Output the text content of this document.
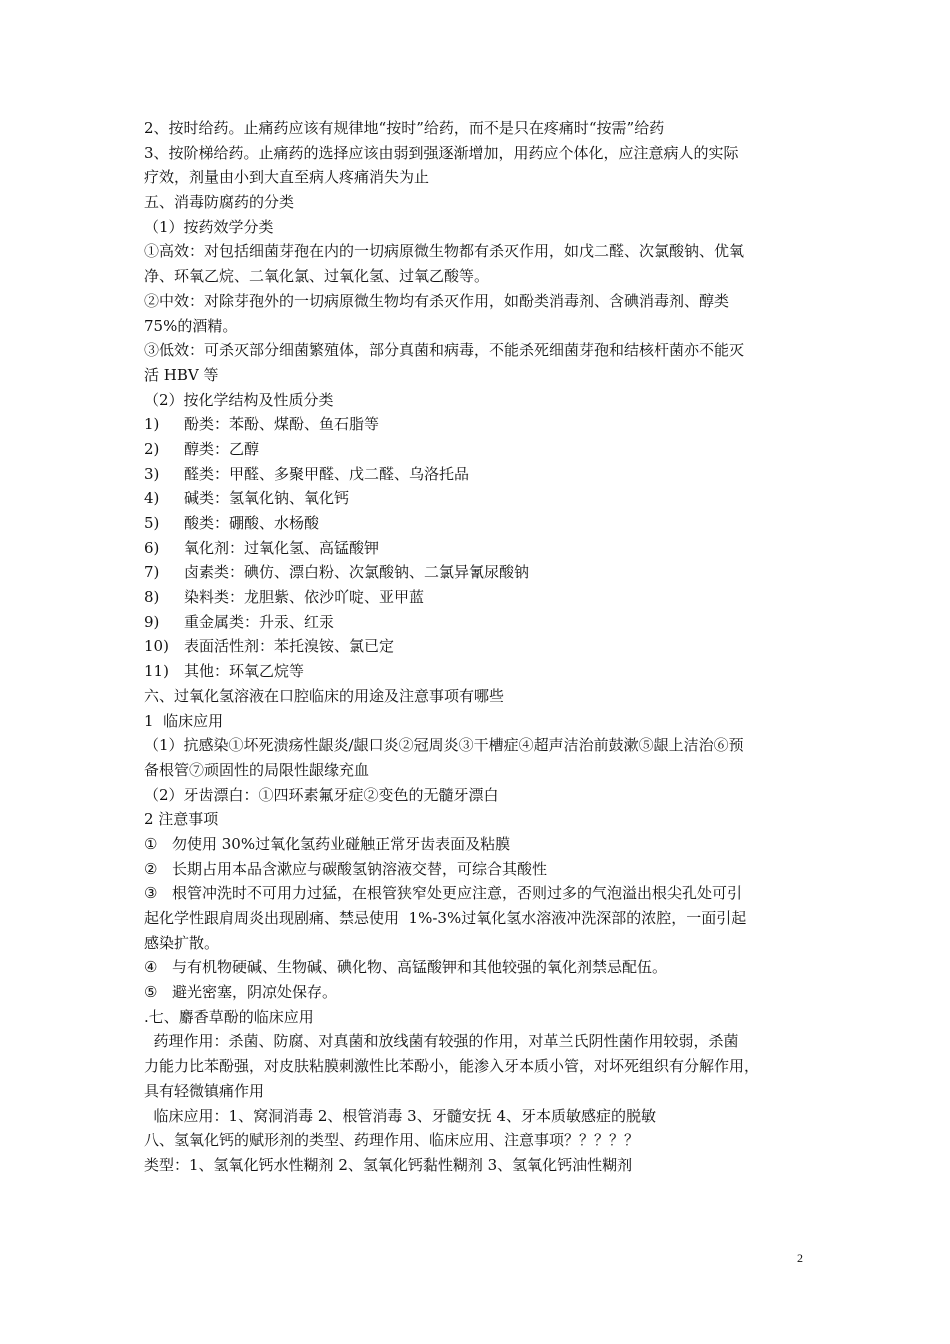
2、按时给药。止痛药应该有规律地“按时”给药，而不是只在疼痛时“按需”给药
3、按阶梯给药。止痛药的选择应该由弱到强逐渐增加，用药应个体化，应注意病人的实际
疗效，剂量由小到大直至病人疼痛消失为止
五、消毒防腐药的分类
（1）按药效学分类
①高效：对包括细菌芽孢在内的一切病原微生物都有杀灭作用，如戊二醛、次氯酸钠、优氧
净、环氧乙烷、二氧化氯、过氧化氢、过氧乙酸等。
②中效：对除芽孢外的一切病原微生物均有杀灭作用，如酚类消毒剂、含碘消毒剂、醇类
75%的酒精。
③低效：可杀灭部分细菌繁殖体，部分真菌和病毒，不能杀死细菌芽孢和结核杆菌亦不能灭
活 HBV 等
（2）按化学结构及性质分类
1) 酚类：苯酚、煤酚、鱼石脂等
2) 醇类：乙醇
3) 醛类：甲醛、多聚甲醛、戊二醛、乌洛托品
4) 碱类：氢氧化钠、氧化钙
5) 酸类：硼酸、水杨酸
6) 氧化剂：过氧化氢、高锰酸钾
7) 卤素类：碘仿、漂白粉、次氯酸钠、二氯异氰尿酸钠
8) 染料类：龙胆紫、依沙吖啶、亚甲蓝
9) 重金属类：升汞、红汞
10) 表面活性剂：苯托溴铵、氯已定
11) 其他：环氧乙烷等
六、过氧化氢溶液在口腔临床的用途及注意事项有哪些
1  临床应用
（1）抗感染①坏死溃疡性龈炎/龈口炎②冠周炎③干槽症④超声洁治前鼓漱⑤龈上洁治⑥预
备根管⑦顽固性的局限性龈缘充血
（2）牙齿漂白：①四环素氟牙症②变色的无髓牙漂白
2 注意事项
① 勿使用 30%过氧化氢药业碰触正常牙齿表面及粘膜
② 长期占用本品含漱应与碳酸氢钠溶液交替，可综合其酸性
③ 根管冲洗时不可用力过猛，在根管狭窄处更应注意，否则过多的气泡溢出根尖孔处可引
起化学性跟肩周炎出现剧痛、禁忌使用  1%-3%过氧化氢水溶液冲洗深部的浓腔，一面引起
感染扩散。
④ 与有机物硬碱、生物碱、碘化物、高锰酸钾和其他较强的氧化剂禁忌配伍。
⑤ 避光密塞，阴凉处保存。
.七、麝香草酚的临床应用
药理作用：杀菌、防腐、对真菌和放线菌有较强的作用，对革兰氏阴性菌作用较弱，杀菌
力能力比苯酚强，对皮肤粘膜刺激性比苯酚小，能渗入牙本质小管，对坏死组织有分解作用，
具有轻微镇痛作用
临床应用：1、窝洞消毒 2、根管消毒 3、牙髓安抚 4、牙本质敏感症的脱敏
八、氢氧化钙的赋形剂的类型、药理作用、临床应用、注意事项？？？？？
类型：1、氢氧化钙水性糊剂 2、氢氧化钙黏性糊剂 3、氢氧化钙油性糊剂
2
